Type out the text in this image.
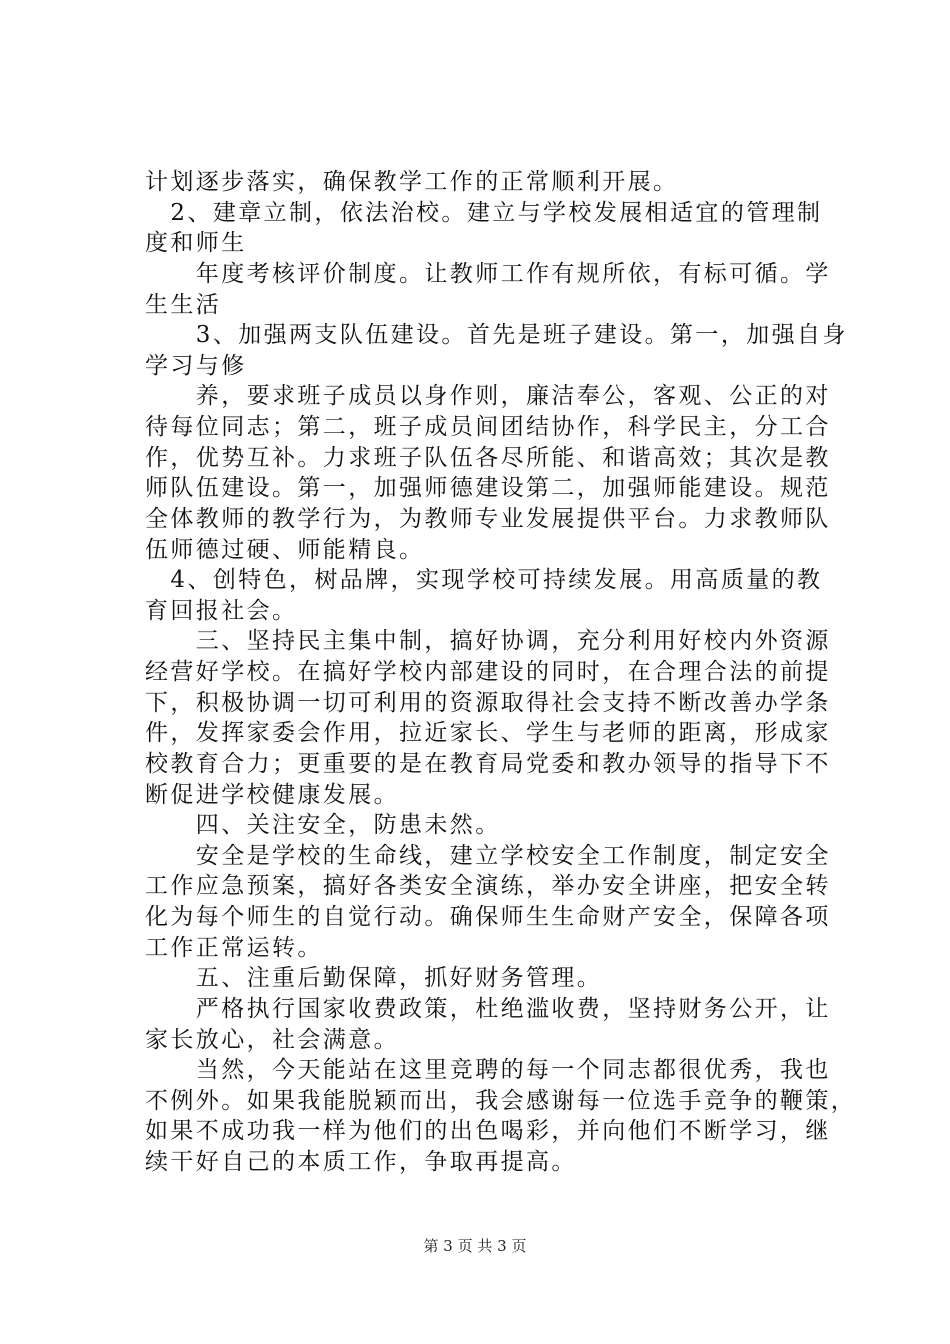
计划逐步落实，确保教学工作的正常顺利开展。
　2、建章立制，依法治校。建立与学校发展相适宜的管理制
度和师生
　　年度考核评价制度。让教师工作有规所依，有标可循。学
生生活
　　3、加强两支队伍建设。首先是班子建设。第一，加强自身
学习与修
　　养，要求班子成员以身作则，廉洁奉公，客观、公正的对
待每位同志；第二，班子成员间团结协作，科学民主，分工合
作，优势互补。力求班子队伍各尽所能、和谐高效；其次是教
师队伍建设。第一，加强师德建设第二，加强师能建设。规范
全体教师的教学行为，为教师专业发展提供平台。力求教师队
伍师德过硬、师能精良。
　4、创特色，树品牌，实现学校可持续发展。用高质量的教
育回报社会。
　　三、坚持民主集中制，搞好协调，充分利用好校内外资源
经营好学校。在搞好学校内部建设的同时，在合理合法的前提
下，积极协调一切可利用的资源取得社会支持不断改善办学条
件，发挥家委会作用，拉近家长、学生与老师的距离，形成家
校教育合力；更重要的是在教育局党委和教办领导的指导下不
断促进学校健康发展。
　　四、关注安全，防患未然。
　　安全是学校的生命线，建立学校安全工作制度，制定安全
工作应急预案，搞好各类安全演练，举办安全讲座，把安全转
化为每个师生的自觉行动。确保师生生命财产安全，保障各项
工作正常运转。
　　五、注重后勤保障，抓好财务管理。
　　严格执行国家收费政策，杜绝滥收费，坚持财务公开，让
家长放心，社会满意。
　　当然，今天能站在这里竞聘的每一个同志都很优秀，我也
不例外。如果我能脱颖而出，我会感谢每一位选手竞争的鞭策，
如果不成功我一样为他们的出色喝彩，并向他们不断学习，继
续干好自己的本质工作，争取再提高。
第 3 页 共 3 页
